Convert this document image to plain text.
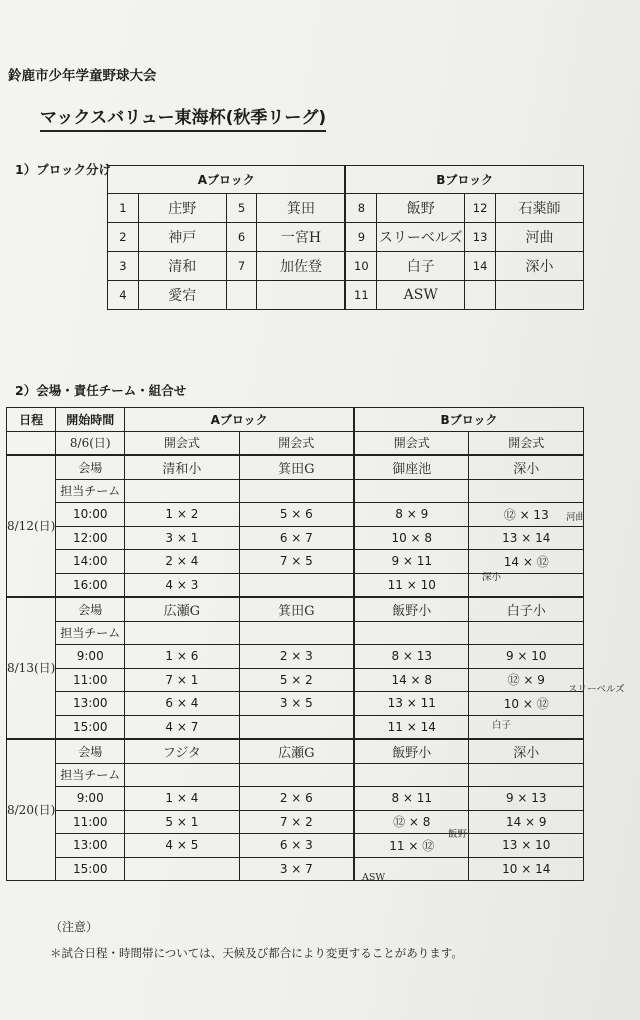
鈴鹿市少年学童野球大会
マックスバリュー東海杯(秋季リーグ)
1）ブロック分け
Aブロック				Bブロック			
1	庄野	5	箕田	8	飯野	12	石薬師
2	神戸	6	一宮H	9	スリーベルズ	13	河曲
3	清和	7	加佐登	10	白子	14	深小
4	愛宕			11	ASW		
2）会場・責任チーム・組合せ
日程	開始時間	Aブロック		Bブロック	
	8/6(日)	開会式	開会式	開会式	開会式
8/12(日)	会場	清和小	箕田G	御座池	深小
	担当チーム				
	10:00	1 × 2	5 × 6	8 × 9	⑫ × 13
	12:00	3 × 1	6 × 7	10 × 8	13 × 14
	14:00	2 × 4	7 × 5	9 × 11	14 × ⑫
	16:00	4 × 3		11 × 10	
8/13(日)	会場	広瀬G	箕田G	飯野小	白子小
	担当チーム				
	9:00	1 × 6	2 × 3	8 × 13	9 × 10
	11:00	7 × 1	5 × 2	14 × 8	⑫ × 9
	13:00	6 × 4	3 × 5	13 × 11	10 × ⑫
	15:00	4 × 7		11 × 14	
8/20(日)	会場	フジタ	広瀬G	飯野小	深小
	担当チーム				
	9:00	1 × 4	2 × 6	8 × 11	9 × 13
	11:00	5 × 1	7 × 2	⑫ × 8	14 × 9
	13:00	4 × 5	6 × 3	11 × ⑫	13 × 10
	15:00		3 × 7		10 × 14
河曲
深小
スリーベルズ
白子
飯野
ASW
（注意）
＊試合日程・時間帯については、天候及び都合により変更することがあります。
